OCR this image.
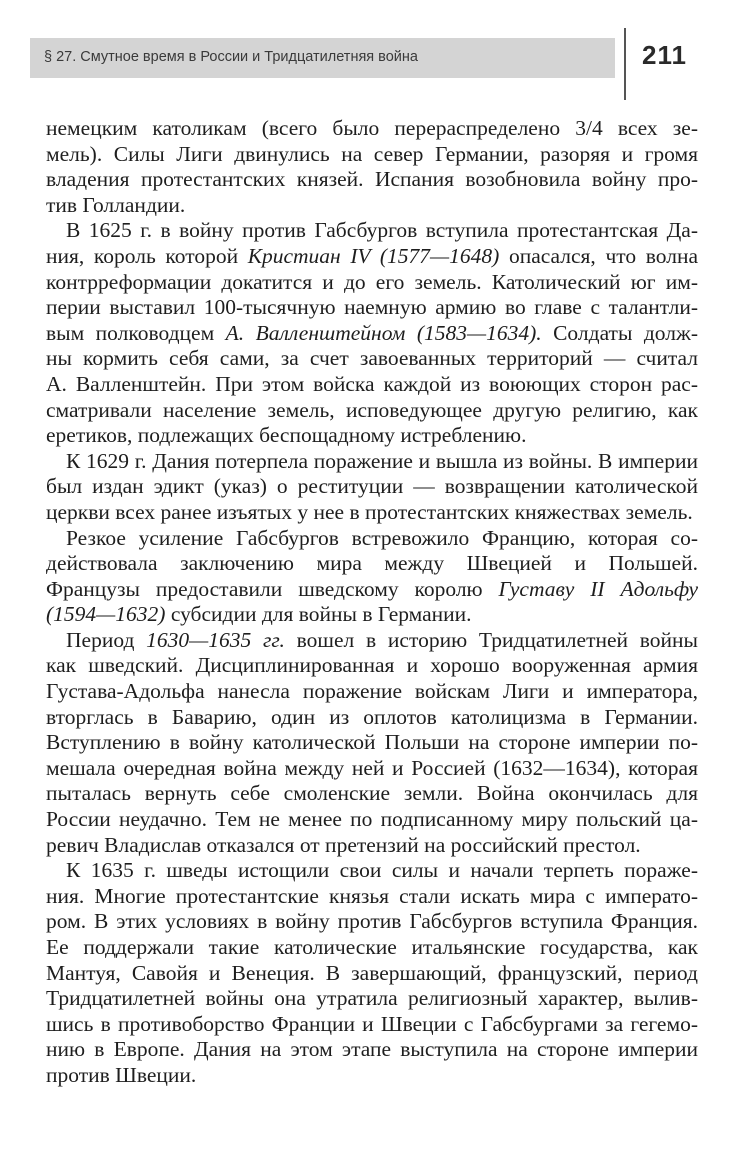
§ 27. Смутное время в России и Тридцатилетняя война	211
немецким католикам (всего было перераспределено 3/4 всех зе-
мель). Силы Лиги двинулись на север Германии, разоряя и громя
владения протестантских князей. Испания возобновила войну про-
тив Голландии.
В 1625 г. в войну против Габсбургов вступила протестантская Да-
ния, король которой Кристиан IV (1577—1648) опасался, что волна
контрреформации докатится и до его земель. Католический юг им-
перии выставил 100-тысячную наемную армию во главе с талантли-
вым полководцем А. Валленштейном (1583—1634). Солдаты долж-
ны кормить себя сами, за счет завоеванных территорий — считал
А. Валленштейн. При этом войска каждой из воюющих сторон рас-
сматривали население земель, исповедующее другую религию, как
еретиков, подлежащих беспощадному истреблению.
К 1629 г. Дания потерпела поражение и вышла из войны. В империи
был издан эдикт (указ) о реституции — возвращении католической
церкви всех ранее изъятых у нее в протестантских княжествах земель.
Резкое усиление Габсбургов встревожило Францию, которая со-
действовала заключению мира между Швецией и Польшей.
Французы предоставили шведскому королю Густаву II Адольфу
(1594—1632) субсидии для войны в Германии.
Период 1630—1635 гг. вошел в историю Тридцатилетней войны
как шведский. Дисциплинированная и хорошо вооруженная армия
Густава-Адольфа нанесла поражение войскам Лиги и императора,
вторглась в Баварию, один из оплотов католицизма в Германии.
Вступлению в войну католической Польши на стороне империи по-
мешала очередная война между ней и Россией (1632—1634), которая
пыталась вернуть себе смоленские земли. Война окончилась для
России неудачно. Тем не менее по подписанному миру польский ца-
ревич Владислав отказался от претензий на российский престол.
К 1635 г. шведы истощили свои силы и начали терпеть пораже-
ния. Многие протестантские князья стали искать мира с императо-
ром. В этих условиях в войну против Габсбургов вступила Франция.
Ее поддержали такие католические итальянские государства, как
Мантуя, Савойя и Венеция. В завершающий, французский, период
Тридцатилетней войны она утратила религиозный характер, вылив-
шись в противоборство Франции и Швеции с Габсбургами за гегемо-
нию в Европе. Дания на этом этапе выступила на стороне империи
против Швеции.
